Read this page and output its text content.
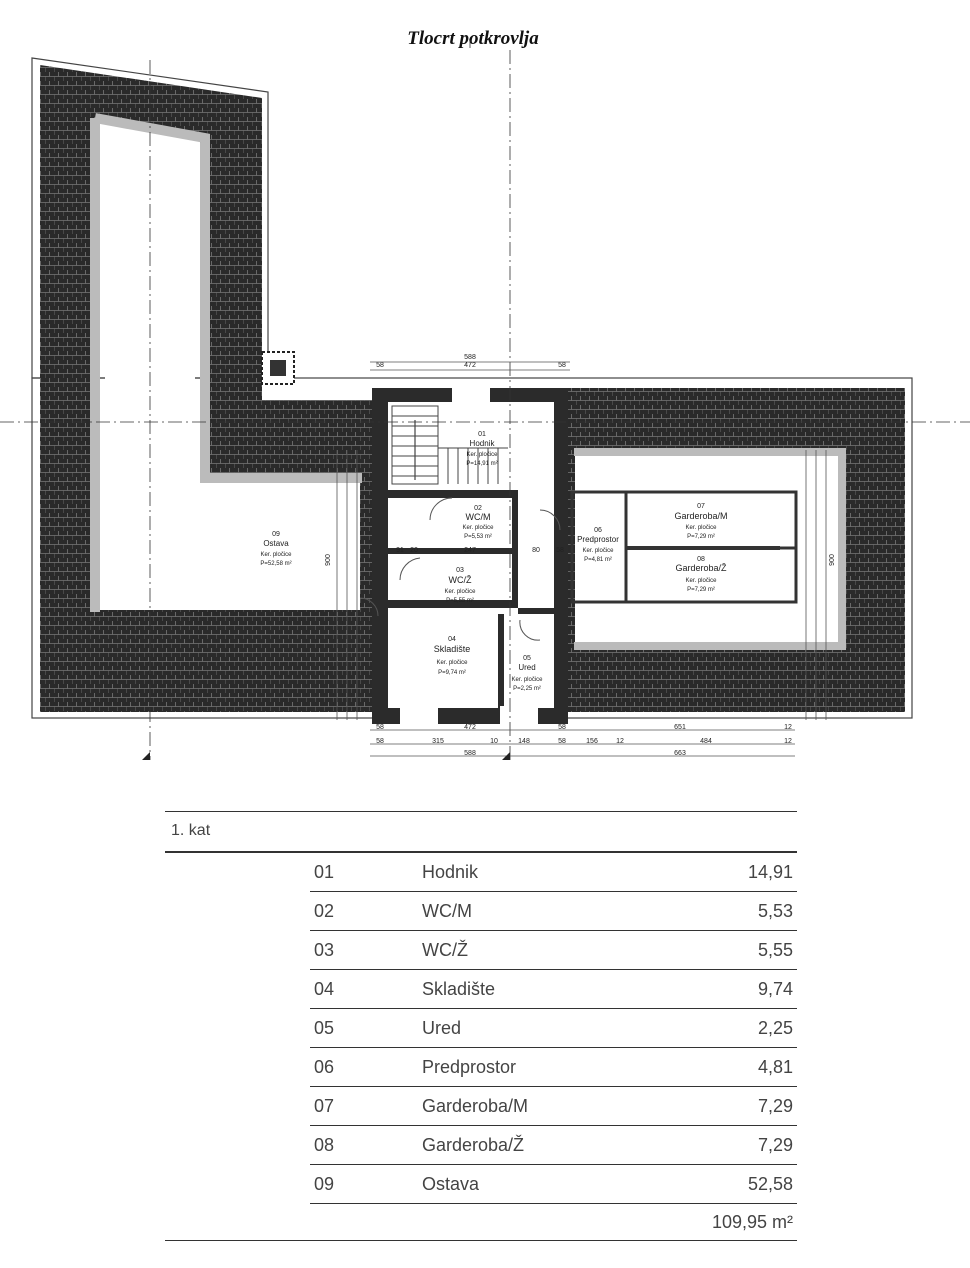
Tlocrt potkrovlja
588
58	472	58
58	472	58	651	12
58	315	10	148	58	156	12	484	12
588	663
91 20	247	80 58
900	900
01
Hodnik
Ker. pločice
P=14,91 m²
02
WC/M
Ker. pločice
P=5,53 m²
03
WC/Ž
Ker. pločice
P=5,55 m²
04
Skladište
Ker. pločice
P=9,74 m²
05
Ured
Ker. pločice
P=2,25 m²
06
Predprostor
Ker. pločice
P=4,81 m²
07
Garderoba/M
Ker. pločice
P=7,29 m²
08
Garderoba/Ž
Ker. pločice
P=7,29 m²
09
Ostava
Ker. pločice
P=52,58 m²
1. kat
01	Hodnik	14,91
02	WC/M	5,53
03	WC/Ž	5,55
04	Skladište	9,74
05	Ured	2,25
06	Predprostor	4,81
07	Garderoba/M	7,29
08	Garderoba/Ž	7,29
09	Ostava	52,58
109,95 m²
